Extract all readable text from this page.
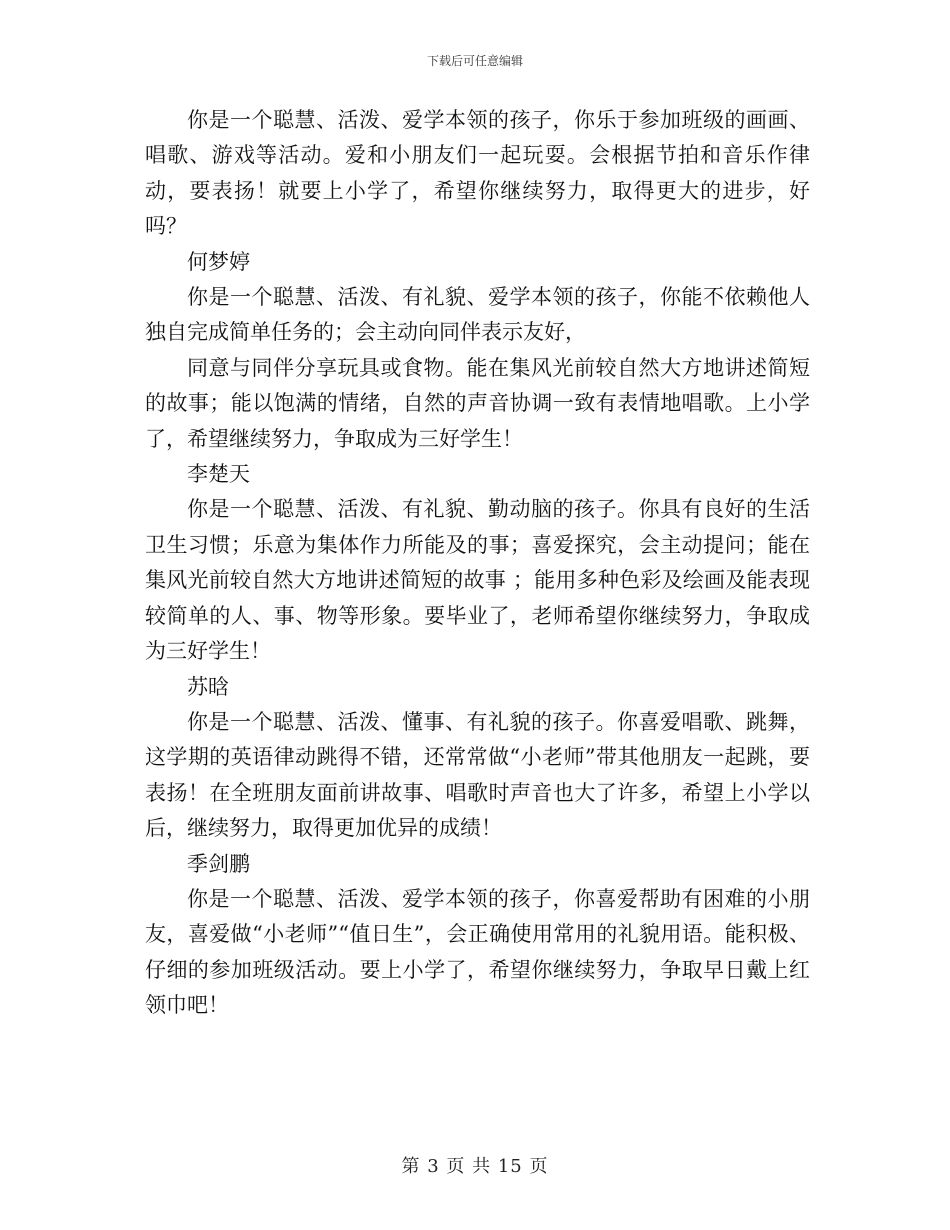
下载后可任意编辑

你是一个聪慧、活泼、爱学本领的孩子，你乐于参加班级的画画、唱歌、游戏等活动。爱和小朋友们一起玩耍。会根据节拍和音乐作律动，要表扬！就要上小学了，希望你继续努力，取得更大的进步，好吗？

何梦婷

你是一个聪慧、活泼、有礼貌、爱学本领的孩子，你能不依赖他人独自完成简单任务的；会主动向同伴表示友好，

同意与同伴分享玩具或食物。能在集风光前较自然大方地讲述简短的故事；能以饱满的情绪，自然的声音协调一致有表情地唱歌。上小学了，希望继续努力，争取成为三好学生！

李楚天

你是一个聪慧、活泼、有礼貌、勤动脑的孩子。你具有良好的生活卫生习惯；乐意为集体作力所能及的事；喜爱探究，会主动提问；能在集风光前较自然大方地讲述简短的故事 ；能用多种色彩及绘画及能表现较简单的人、事、物等形象。要毕业了，老师希望你继续努力，争取成为三好学生！

苏晗

你是一个聪慧、活泼、懂事、有礼貌的孩子。你喜爱唱歌、跳舞，这学期的英语律动跳得不错，还常常做“小老师”带其他朋友一起跳，要表扬！在全班朋友面前讲故事、唱歌时声音也大了许多，希望上小学以后，继续努力，取得更加优异的成绩！

季剑鹏

你是一个聪慧、活泼、爱学本领的孩子，你喜爱帮助有困难的小朋友，喜爱做“小老师”“值日生”，会正确使用常用的礼貌用语。能积极、仔细的参加班级活动。要上小学了，希望你继续努力，争取早日戴上红领巾吧！

第 3 页 共 15 页
